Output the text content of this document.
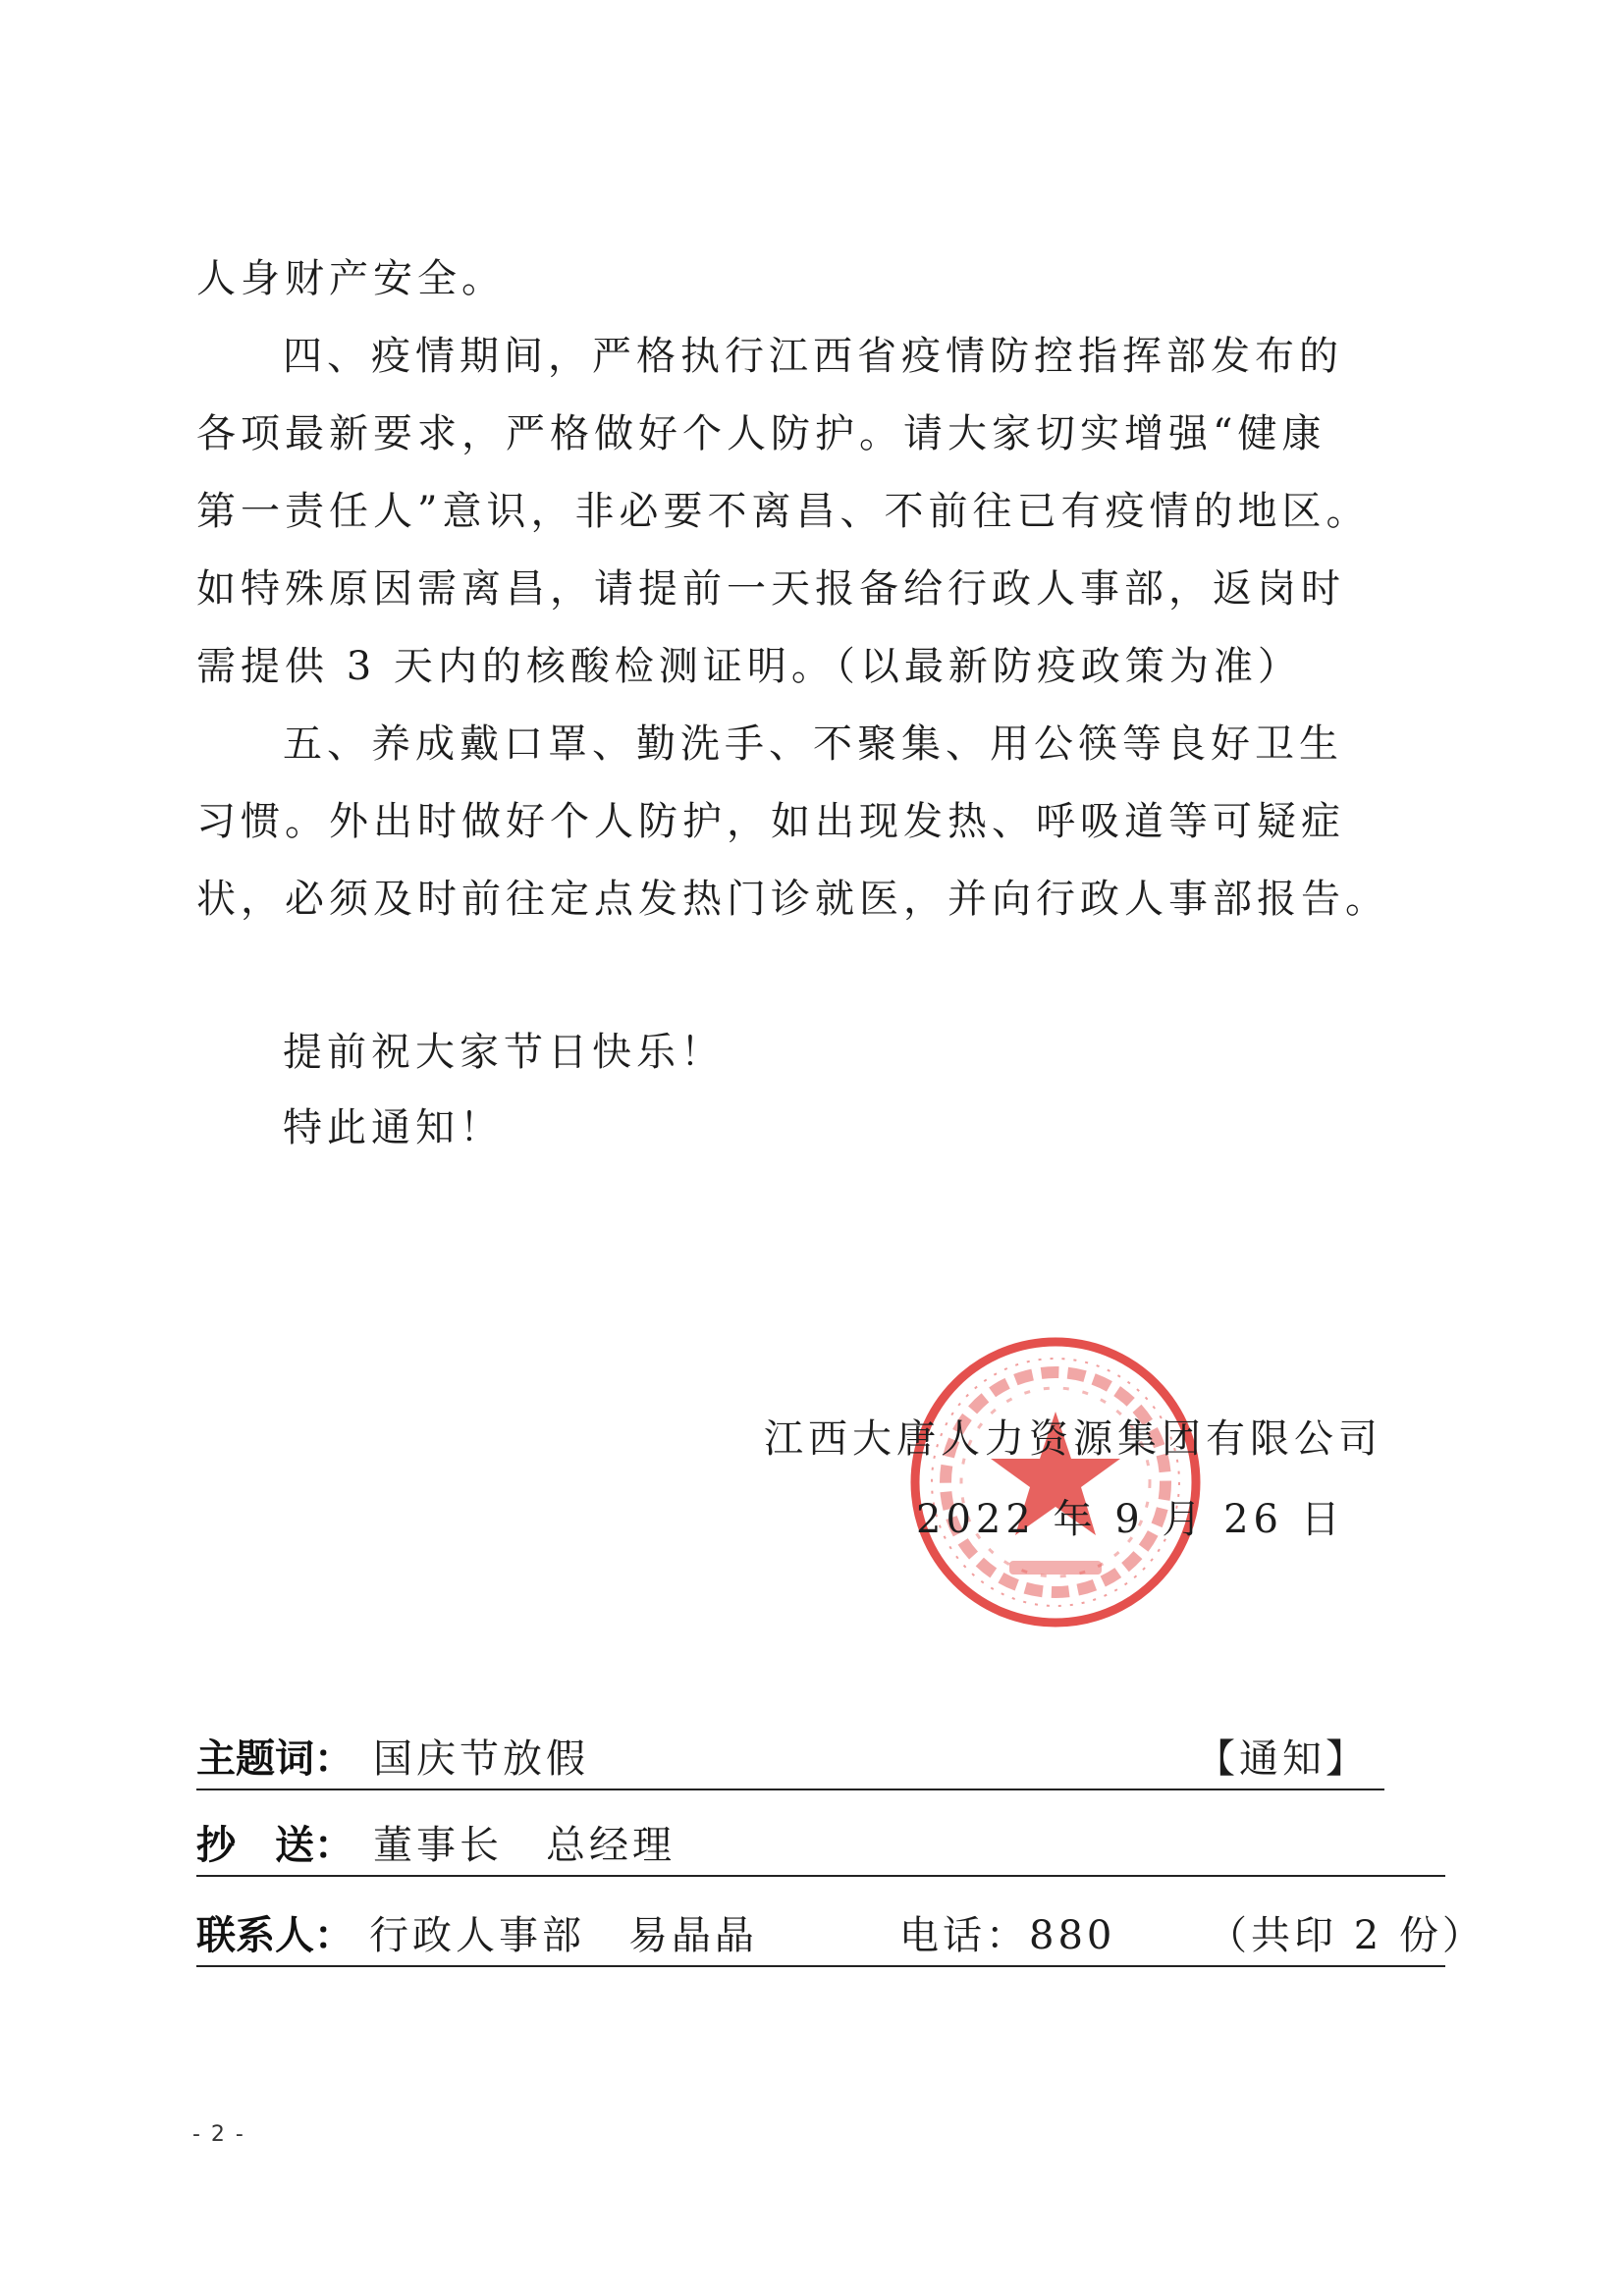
人身财产安全。
四、疫情期间，严格执行江西省疫情防控指挥部发布的
各项最新要求，严格做好个人防护。请大家切实增强“健康
第一责任人”意识，非必要不离昌、不前往已有疫情的地区。
如特殊原因需离昌，请提前一天报备给行政人事部，返岗时
需提供 3 天内的核酸检测证明。（以最新防疫政策为准）
五、养成戴口罩、勤洗手、不聚集、用公筷等良好卫生
习惯。外出时做好个人防护，如出现发热、呼吸道等可疑症
状，必须及时前往定点发热门诊就医，并向行政人事部报告。
提前祝大家节日快乐！
特此通知！
江西大唐人力资源集团有限公司
2022 年 9 月 26 日
主题词： 国庆节放假	【通知】
抄　送： 董事长　总经理
联系人： 行政人事部　易晶晶	电话：880 （共印 2 份）
- 2 -
